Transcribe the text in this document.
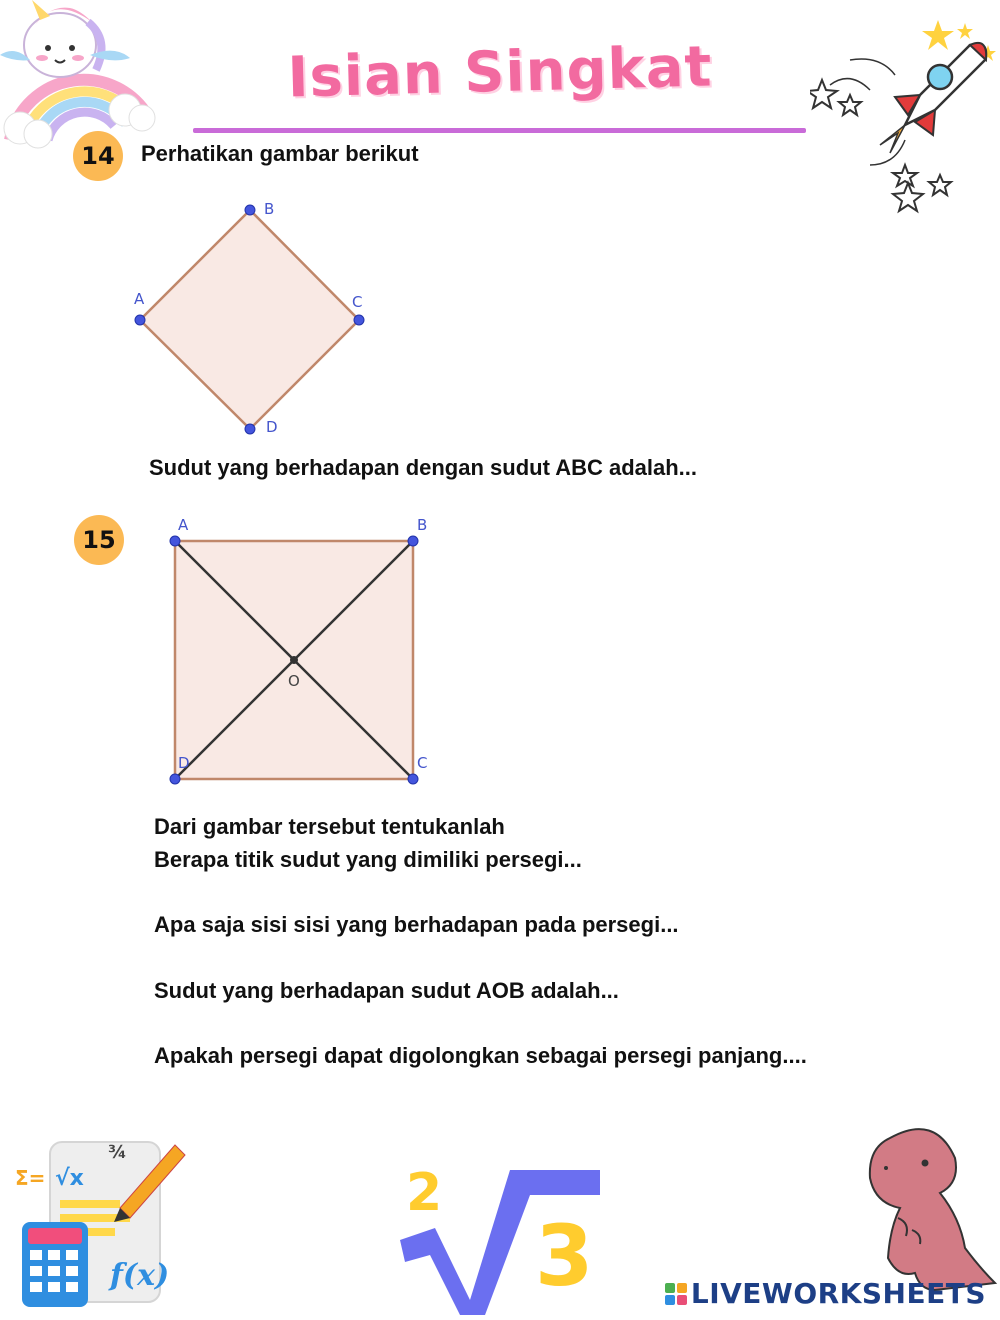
Isian Singkat
14	Perhatikan gambar berikut
B
C
A
D
Sudut yang berhadapan dengan sudut ABC adalah...
15
A	B
C
D
O
Dari gambar tersebut tentukanlah
Berapa titik sudut yang dimiliki persegi...
Apa saja sisi sisi yang berhadapan pada persegi...
Sudut yang berhadapan sudut AOB adalah...
Apakah persegi dapat digolongkan sebagai persegi panjang....
¾
Σ= √x
f(x)
2
3	LIVEWORKSHEETS
